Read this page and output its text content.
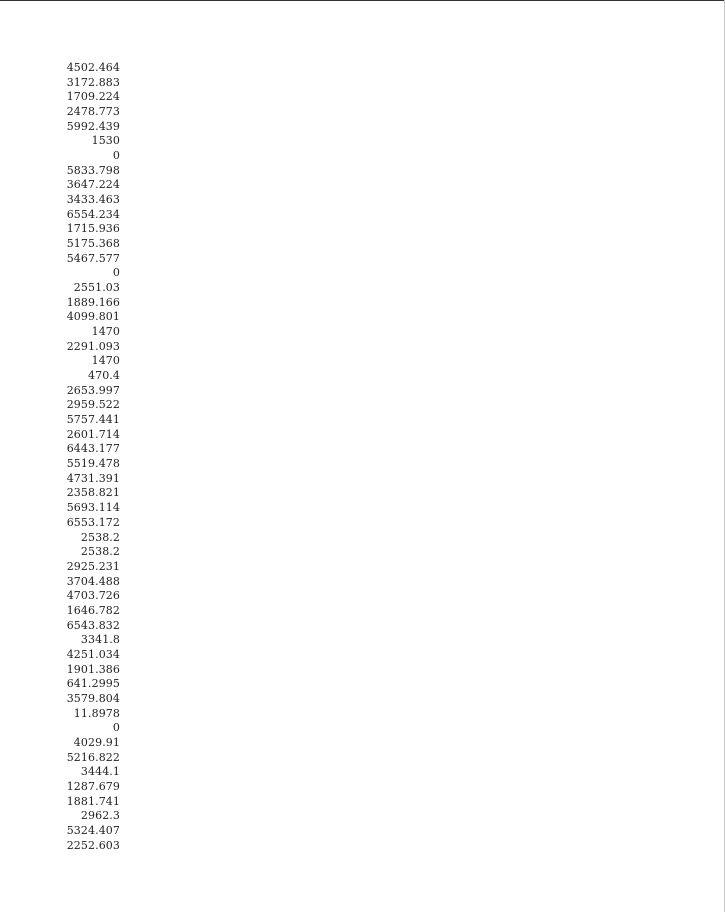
4502.464
3172.883
1709.224
2478.773
5992.439
1530
0
5833.798
3647.224
3433.463
6554.234
1715.936
5175.368
5467.577
0
2551.03
1889.166
4099.801
1470
2291.093
1470
470.4
2653.997
2959.522
5757.441
2601.714
6443.177
5519.478
4731.391
2358.821
5693.114
6553.172
2538.2
2538.2
2925.231
3704.488
4703.726
1646.782
6543.832
3341.8
4251.034
1901.386
641.2995
3579.804
11.8978
0
4029.91
5216.822
3444.1
1287.679
1881.741
2962.3
5324.407
2252.603
